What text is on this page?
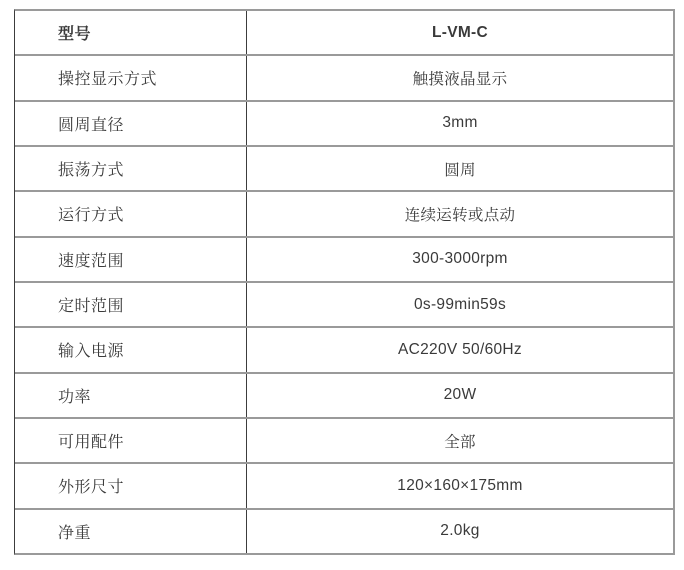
型号	L-VM-C
操控显示方式	触摸液晶显示
圆周直径	3mm
振荡方式	圆周
运行方式	连续运转或点动
速度范围	300-3000rpm
定时范围	0s-99min59s
输入电源	AC220V 50/60Hz
功率	20W
可用配件	全部
外形尺寸	120×160×175mm
净重	2.0kg
